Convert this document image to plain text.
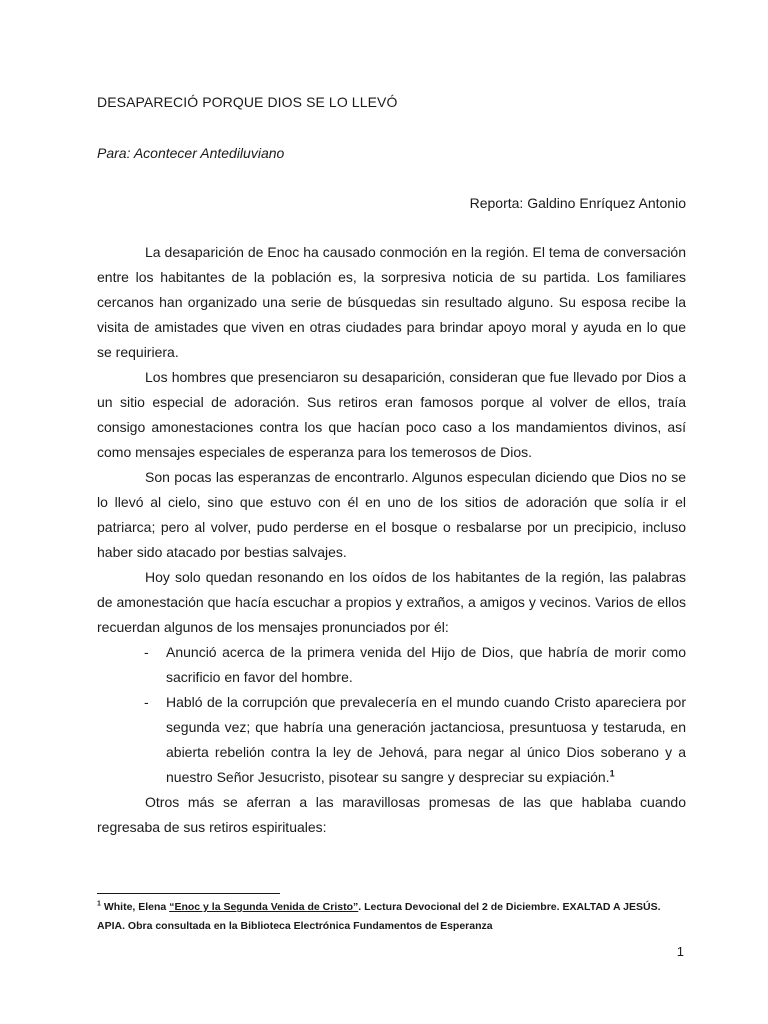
DESAPARECIÓ PORQUE DIOS SE LO LLEVÓ
Para: Acontecer Antediluviano
Reporta: Galdino Enríquez Antonio

La desaparición de Enoc ha causado conmoción en la región. El tema de conversación entre los habitantes de la población es, la sorpresiva noticia de su partida. Los familiares cercanos han organizado una serie de búsquedas sin resultado alguno. Su esposa recibe la visita de amistades que viven en otras ciudades para brindar apoyo moral y ayuda en lo que se requiriera.

Los hombres que presenciaron su desaparición, consideran que fue llevado por Dios a un sitio especial de adoración. Sus retiros eran famosos porque al volver de ellos, traía consigo amonestaciones contra los que hacían poco caso a los mandamientos divinos, así como mensajes especiales de esperanza para los temerosos de Dios.

Son pocas las esperanzas de encontrarlo. Algunos especulan diciendo que Dios no se lo llevó al cielo, sino que estuvo con él en uno de los sitios de adoración que solía ir el patriarca; pero al volver, pudo perderse en el bosque o resbalarse por un precipicio, incluso haber sido atacado por bestias salvajes.

Hoy solo quedan resonando en los oídos de los habitantes de la región, las palabras de amonestación que hacía escuchar a propios y extraños, a amigos y vecinos. Varios de ellos recuerdan algunos de los mensajes pronunciados por él:

- Anunció acerca de la primera venida del Hijo de Dios, que habría de morir como sacrificio en favor del hombre.
- Habló de la corrupción que prevalecería en el mundo cuando Cristo apareciera por segunda vez; que habría una generación jactanciosa, presuntuosa y testaruda, en abierta rebelión contra la ley de Jehová, para negar al único Dios soberano y a nuestro Señor Jesucristo, pisotear su sangre y despreciar su expiación.$^1$

Otros más se aferran a las maravillosas promesas de las que hablaba cuando regresaba de sus retiros espirituales:

$^1$ White, Elena “Enoc y la Segunda Venida de Cristo”. Lectura Devocional del 2 de Diciembre. EXALTAD A JESÚS. APIA. Obra consultada en la Biblioteca Electrónica Fundamentos de Esperanza
1
